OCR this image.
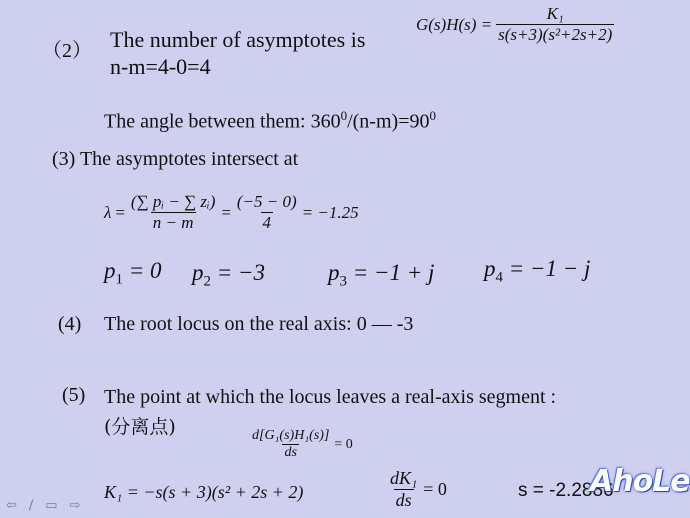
（2） The number of asymptotes is
n-m=4-0=4
$G(s)H(s) = \frac{\text{K₁}}{\text{s(s+3)(s²+2s+2)}}$
The angle between them: $360^0/(n-m)=90^0$
(3) The asymptotes intersect at
$\lambda = \frac{\text{(∑ pᵢ − ∑ zᵢ)}}{n - m} = \frac{(-5 - 0)}{4} = -1.25$
$p_1 = 0$ $p_2 = -3$	$p_3 = -1 + j$ $p_4 = -1 - j$
(4) The root locus on the real axis: 0 — -3
(5) The point at which the locus leaves a real-axis segment :
(分离点)
$\frac{\text{d[G₁(s)H₁(s)]}}{ds} = 0$
K₁ = −s(s + 3)(s² + 2s + 2)	$\frac{\text{dK₁}}{ds} = 0$	s = -2.2886
AhoLe
⇦ ∕ ▭ ⇨
